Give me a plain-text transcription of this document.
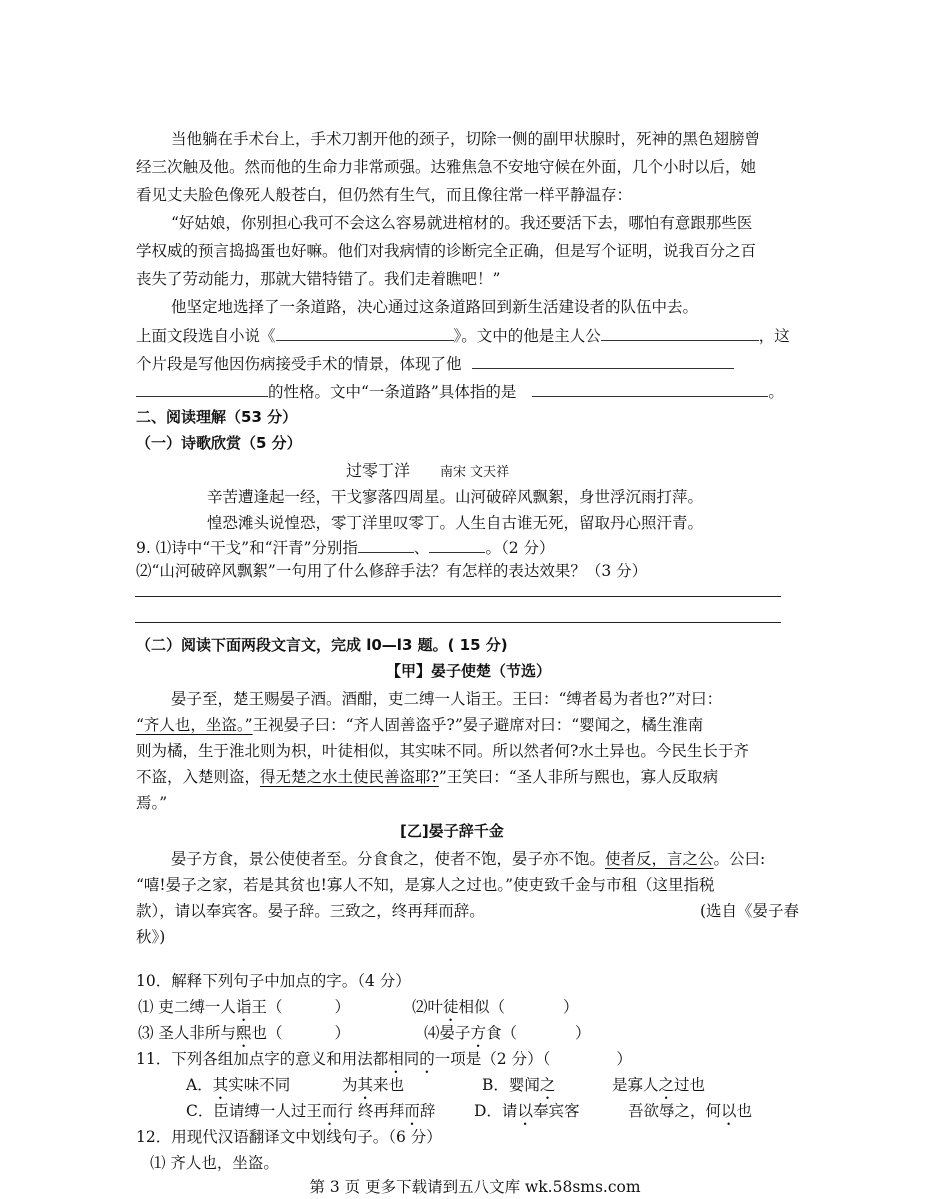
当他躺在手术台上，手术刀割开他的颈子，切除一侧的副甲状腺时，死神的黑色翅膀曾
经三次触及他。然而他的生命力非常顽强。达雅焦急不安地守候在外面，几个小时以后，她
看见丈夫脸色像死人般苍白，但仍然有生气，而且像往常一样平静温存：
“好姑娘，你别担心我可不会这么容易就进棺材的。我还要活下去，哪怕有意跟那些医
学权威的预言捣捣蛋也好嘛。他们对我病情的诊断完全正确，但是写个证明，说我百分之百
丧失了劳动能力，那就大错特错了。我们走着瞧吧！”
他坚定地选择了一条道路，决心通过这条道路回到新生活建设者的队伍中去。
上面文段选自小说《	》。文中的他是主人公	，这
个片段是写他因伤病接受手术的情景，体现了他
的性格。文中“一条道路”具体指的是	。
二、阅读理解（53 分）
（一）诗歌欣赏（5 分）
过零丁洋 南宋 文天祥
辛苦遭逢起一经，干戈寥落四周星。山河破碎风飘絮，身世浮沉雨打萍。
惶恐滩头说惶恐，零丁洋里叹零丁。人生自古谁无死，留取丹心照汗青。
9. ⑴诗中“干戈”和“汗青”分别指	、	。（2 分）
⑵“山河破碎风飘絮”一句用了什么修辞手法？有怎样的表达效果？（3 分）
（二）阅读下面两段文言文，完成 l0—l3 题。( 15 分)
【甲】晏子使楚（节选）
晏子至，楚王赐晏子酒。酒酣，吏二缚一人诣王。王曰：“缚者曷为者也?”对曰：
“齐人也，坐盗。”王视晏子曰：“齐人固善盗乎?”晏子避席对曰：“婴闻之，橘生淮南
则为橘，生于淮北则为枳，叶徒相似，其实味不同。所以然者何?水土异也。今民生长于齐
不盗，入楚则盗，得无楚之水土使民善盗耶?”王笑曰：“圣人非所与熙也，寡人反取病
焉。”
[乙]晏子辞千金
晏子方食，景公使使者至。分食食之，使者不饱，晏子亦不饱。使者反，言之公。公曰:
“嘻!晏子之家，若是其贫也!寡人不知，是寡人之过也。”使吏致千金与市租（这里指税
款），请以奉宾客。晏子辞。三致之，终再拜而辞。	(选自《晏子春
秋》)
10．解释下列句子中加点的字。（4 分）
⑴ 吏二缚一人诣王（	）	⑵叶徒相似（	）
⑶ 圣人非所与熙也（	）	⑷晏子方食（	）
11．下列各组加点字的意义和用法都相同的一项是（2 分）（	）
A．其实味不同	为其来也	B．婴闻之	是寡人之过也
C．臣请缚一人过王而行 终再拜而辞 D．请以奉宾客	吾欲辱之，何以也
12．用现代汉语翻译文中划线句子。（6 分）
⑴ 齐人也，坐盗。
第 3 页 更多下载请到五八文库 wk.58sms.com
